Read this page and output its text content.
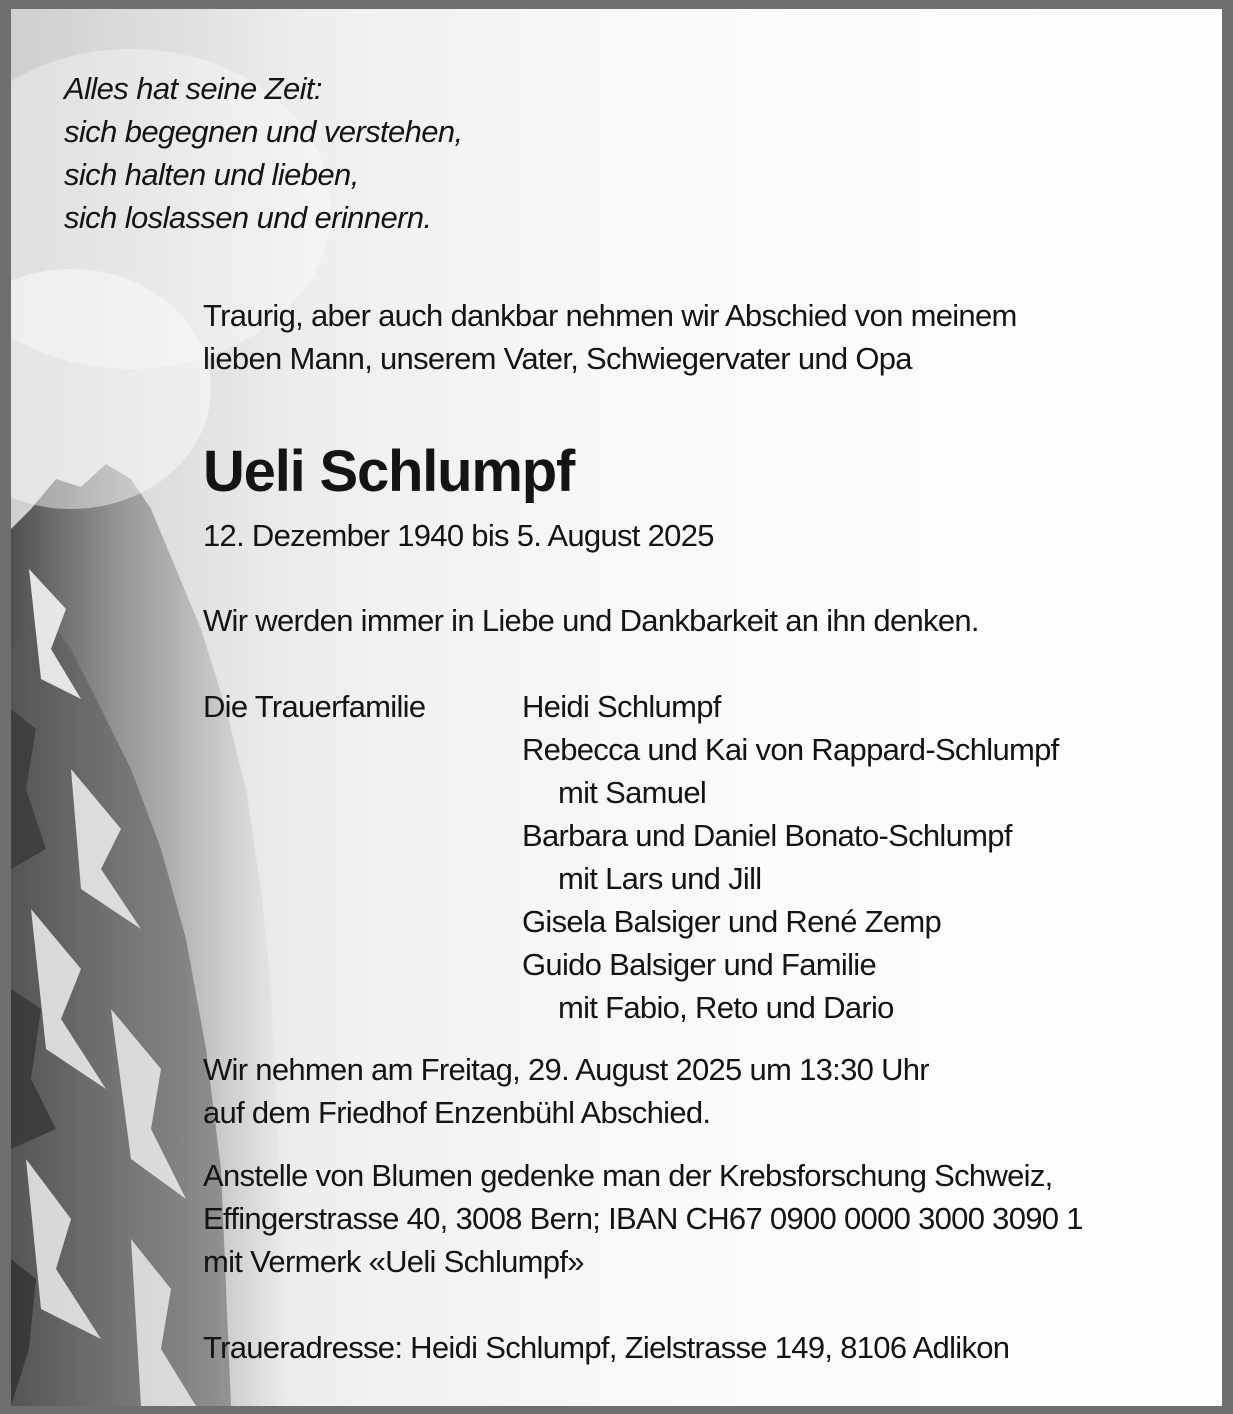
Alles hat seine Zeit:
sich begegnen und verstehen,
sich halten und lieben,
sich loslassen und erinnern.
Traurig, aber auch dankbar nehmen wir Abschied von meinem
lieben Mann, unserem Vater, Schwiegervater und Opa
Ueli Schlumpf
12. Dezember 1940 bis 5. August 2025
Wir werden immer in Liebe und Dankbarkeit an ihn denken.
Die Trauerfamilie	Heidi Schlumpf
Rebecca und Kai von Rappard-Schlumpf
mit Samuel
Barbara und Daniel Bonato-Schlumpf
mit Lars und Jill
Gisela Balsiger und René Zemp
Guido Balsiger und Familie
mit Fabio, Reto und Dario
Wir nehmen am Freitag, 29. August 2025 um 13:30 Uhr
auf dem Friedhof Enzenbühl Abschied.
Anstelle von Blumen gedenke man der Krebsforschung Schweiz,
Effingerstrasse 40, 3008 Bern; IBAN CH67 0900 0000 3000 3090 1
mit Vermerk «Ueli Schlumpf»
Traueradresse: Heidi Schlumpf, Zielstrasse 149, 8106 Adlikon
